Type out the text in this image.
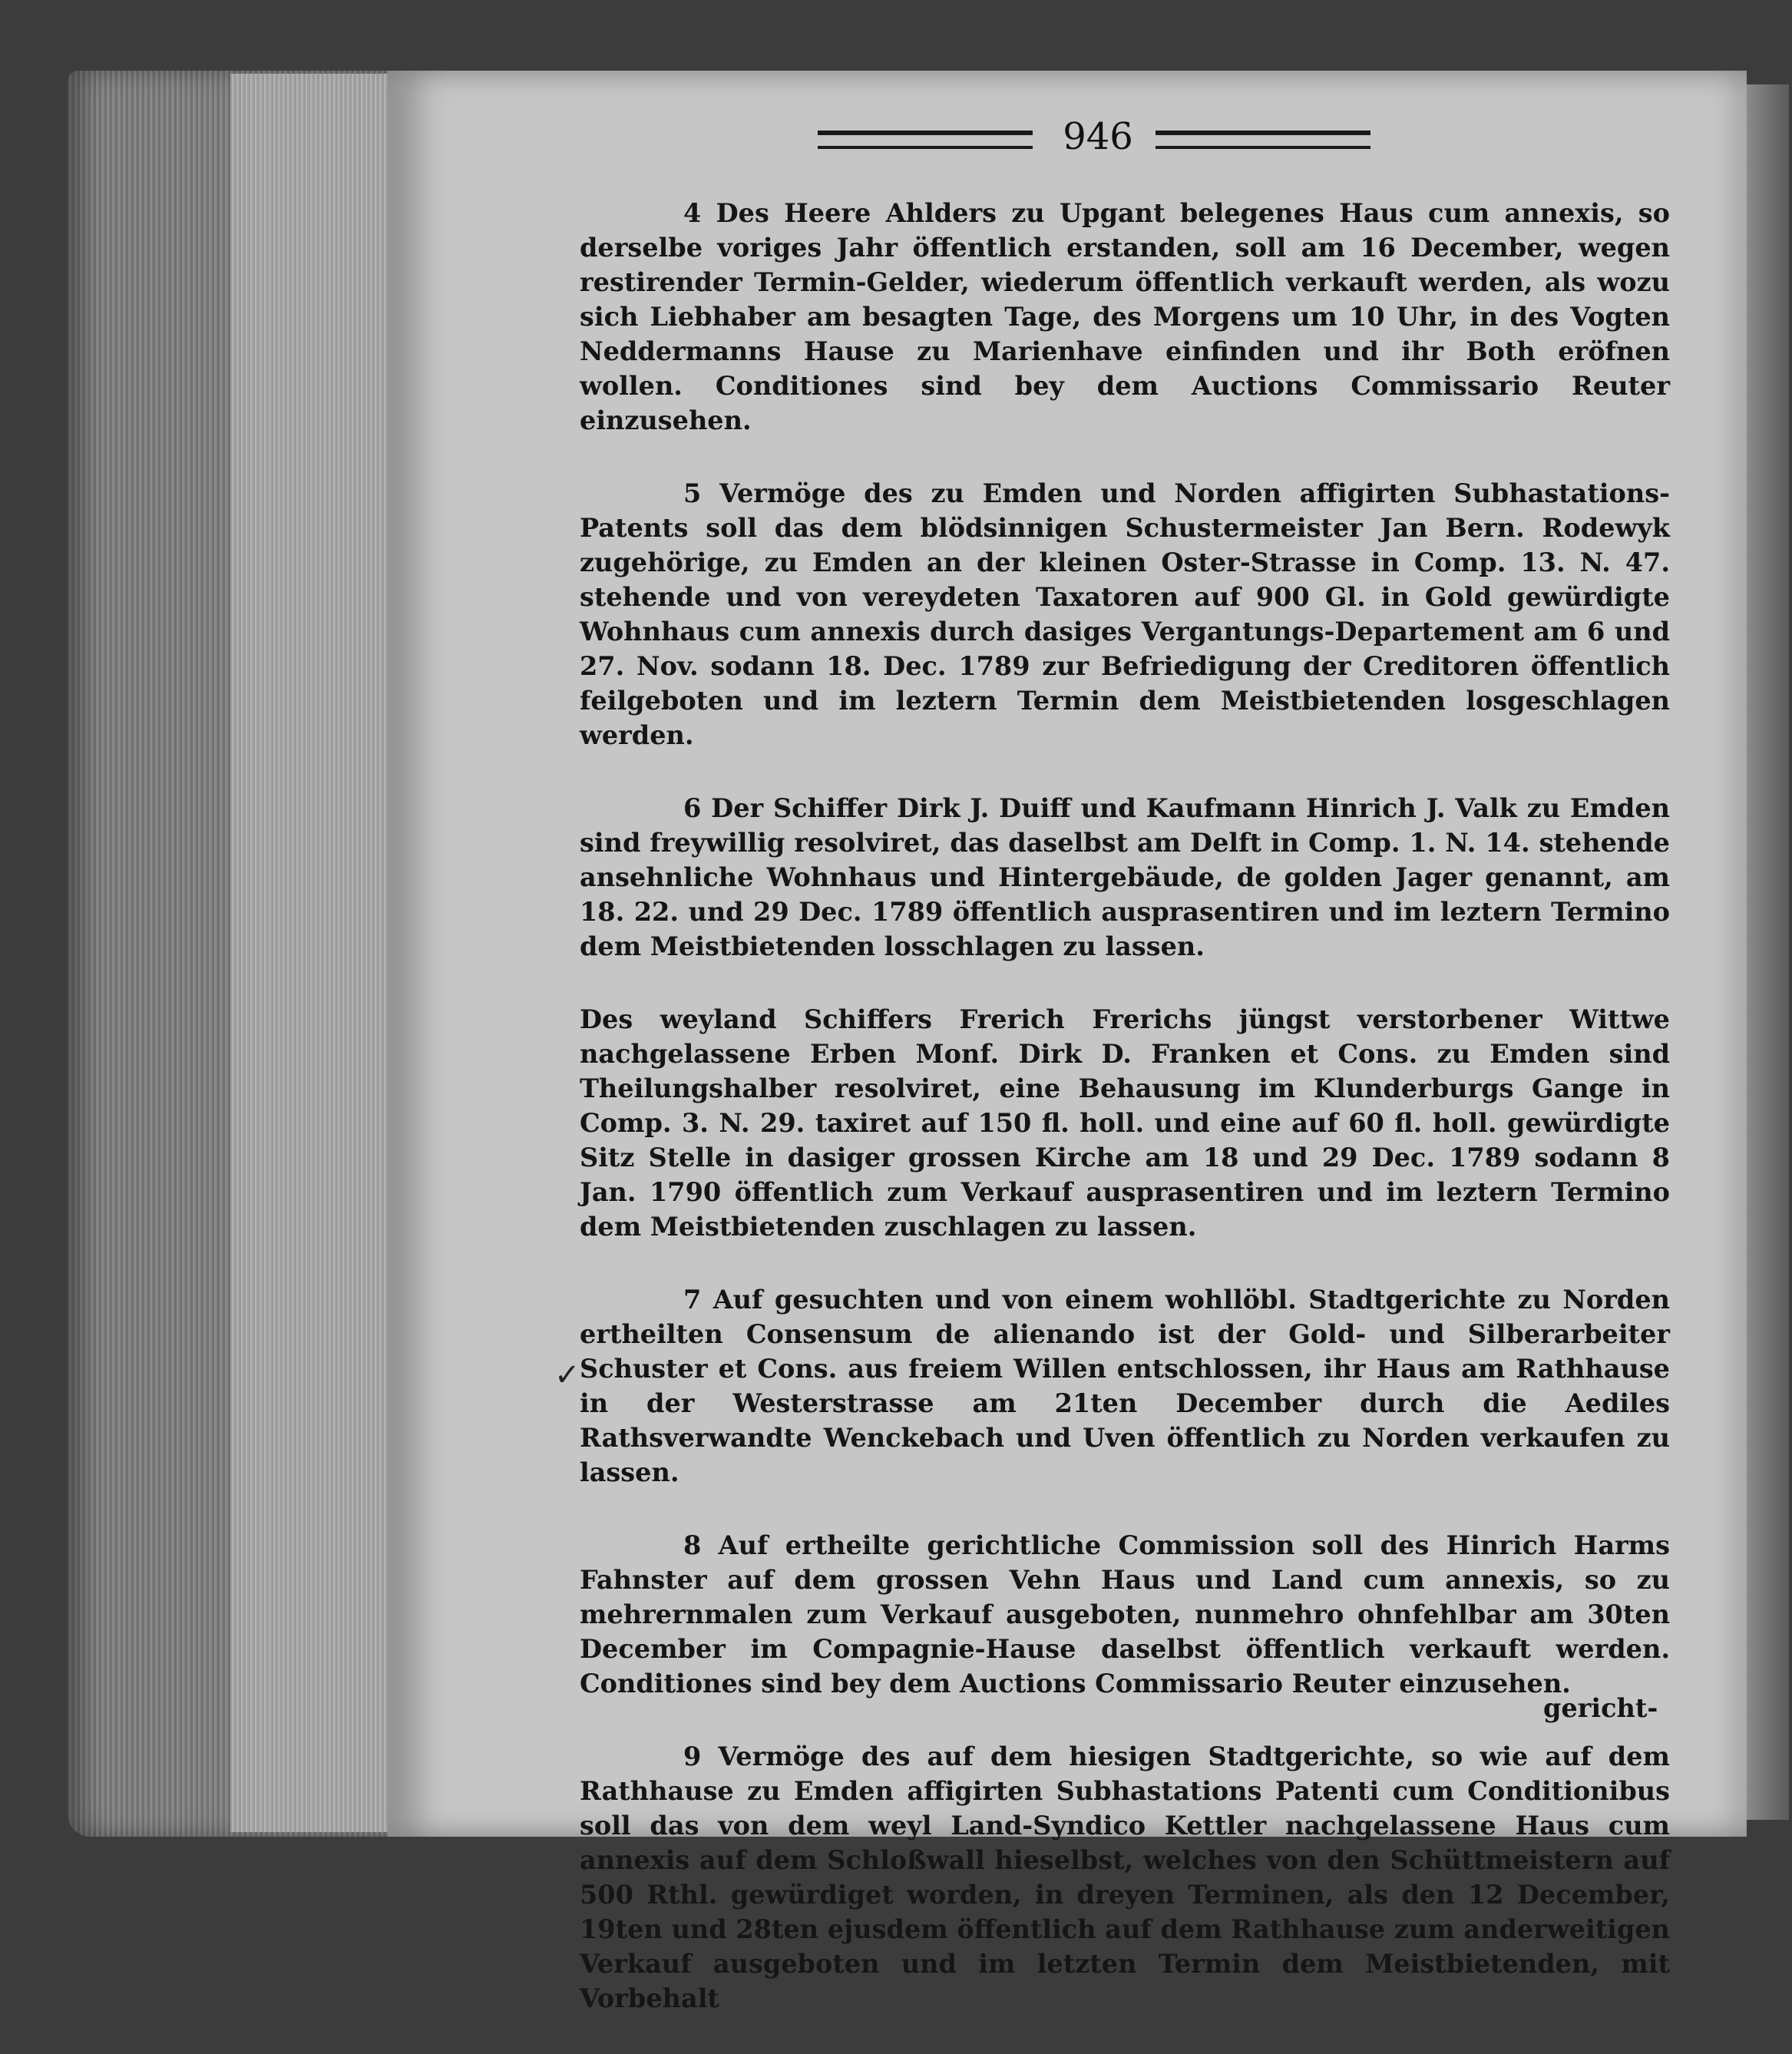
946

4 Des Heere Ahlders zu Upgant belegenes Haus cum annexis, so derselbe voriges Jahr öffentlich erstanden, soll am 16 December, wegen restirender Termin-Gelder, wiederum öffentlich verkauft werden, als wozu sich Liebhaber am besagten Tage, des Morgens um 10 Uhr, in des Vogten Neddermanns Hause zu Marienhave einfinden und ihr Both eröfnen wollen. Conditiones sind bey dem Auctions Commissario Reuter einzusehen.

5 Vermöge des zu Emden und Norden affigirten Subhastations-Patents soll das dem blödsinnigen Schustermeister Jan Bern. Rodewyk zugehörige, zu Emden an der kleinen Oster-Strasse in Comp. 13. N. 47. stehende und von vereydeten Taxatoren auf 900 Gl. in Gold gewürdigte Wohnhaus cum annexis durch dasiges Vergantungs-Departement am 6 und 27. Nov. sodann 18. Dec. 1789 zur Befriedigung der Creditoren öffentlich feilgeboten und im leztern Termin dem Meistbietenden losgeschlagen werden.

6 Der Schiffer Dirk J. Duiff und Kaufmann Hinrich J. Valk zu Emden sind freywillig resolviret, das daselbst am Delft in Comp. 1. N. 14. stehende ansehnliche Wohnhaus und Hintergebäude, de golden Jager genannt, am 18. 22. und 29 Dec. 1789 öffentlich ausprasentiren und im leztern Termino dem Meistbietenden losschlagen zu lassen.

Des weyland Schiffers Frerich Frerichs jüngst verstorbener Wittwe nachgelassene Erben Monf. Dirk D. Franken et Cons. zu Emden sind Theilungshalber resolviret, eine Behausung im Klunderburgs Gange in Comp. 3. N. 29. taxiret auf 150 fl. holl. und eine auf 60 fl. holl. gewürdigte Sitz Stelle in dasiger grossen Kirche am 18 und 29 Dec. 1789 sodann 8 Jan. 1790 öffentlich zum Verkauf ausprasentiren und im leztern Termino dem Meistbietenden zuschlagen zu lassen.

7 Auf gesuchten und von einem wohllöbl. Stadtgerichte zu Norden ertheilten Consensum de alienando ist der Gold- und Silberarbeiter Schuster et Cons. aus freiem Willen entschlossen, ihr Haus am Rathhause in der Westerstrasse am 21ten December durch die Aediles Rathsverwandte Wenckebach und Uven öffentlich zu Norden verkaufen zu lassen.

8 Auf ertheilte gerichtliche Commission soll des Hinrich Harms Fahnster auf dem grossen Vehn Haus und Land cum annexis, so zu mehrernmalen zum Verkauf ausgeboten, nunmehro ohnfehlbar am 30ten December im Compagnie-Hause daselbst öffentlich verkauft werden. Conditiones sind bey dem Auctions Commissario Reuter einzusehen.

9 Vermöge des auf dem hiesigen Stadtgerichte, so wie auf dem Rathhause zu Emden affigirten Subhastations Patenti cum Conditionibus soll das von dem weyl Land-Syndico Kettler nachgelassene Haus cum annexis auf dem Schloßwall hieselbst, welches von den Schüttmeistern auf 500 Rthl. gewürdiget worden, in dreyen Terminen, als den 12 December, 19ten und 28ten ejusdem öffentlich auf dem Rathhause zum anderweitigen Verkauf ausgeboten und im letzten Termin dem Meistbietenden, mit Vorbehalt

✓
gericht-
